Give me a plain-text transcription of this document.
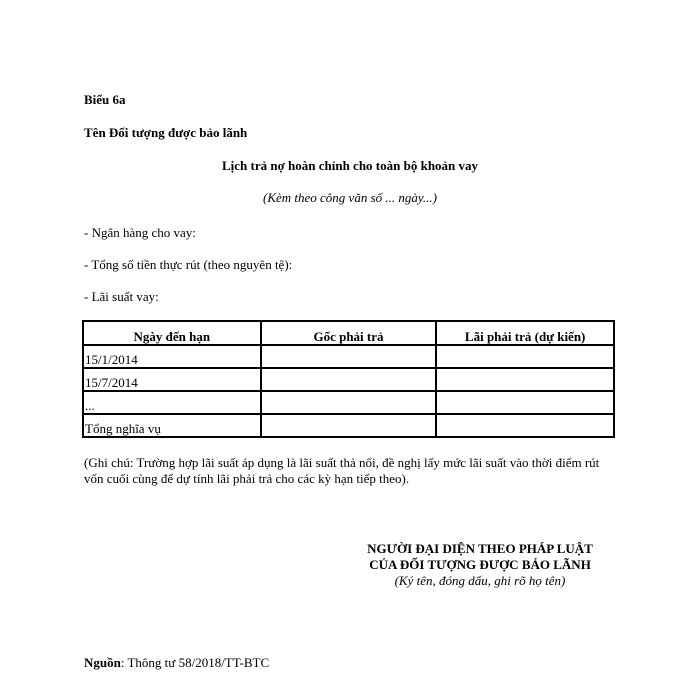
Biểu 6a
Tên Đối tượng được bảo lãnh
Lịch trả nợ hoàn chỉnh cho toàn bộ khoản vay
(Kèm theo công văn số ... ngày...)
- Ngân hàng cho vay:
- Tổng số tiền thực rút (theo nguyên tệ):
- Lãi suất vay:
Ngày đến hạn	Gốc phải trả	Lãi phải trả (dự kiến)
15/1/2014		
15/7/2014		
...		
Tổng nghĩa vụ		
(Ghi chú: Trường hợp lãi suất áp dụng là lãi suất thả nổi, đề nghị lấy mức lãi suất vào thời điểm rút vốn cuối cùng để dự tính lãi phải trả cho các kỳ hạn tiếp theo).
NGƯỜI ĐẠI DIỆN THEO PHÁP LUẬT
CỦA ĐỐI TƯỢNG ĐƯỢC BẢO LÃNH
(Ký tên, đóng dấu, ghi rõ họ tên)
Nguồn: Thông tư 58/2018/TT-BTC
